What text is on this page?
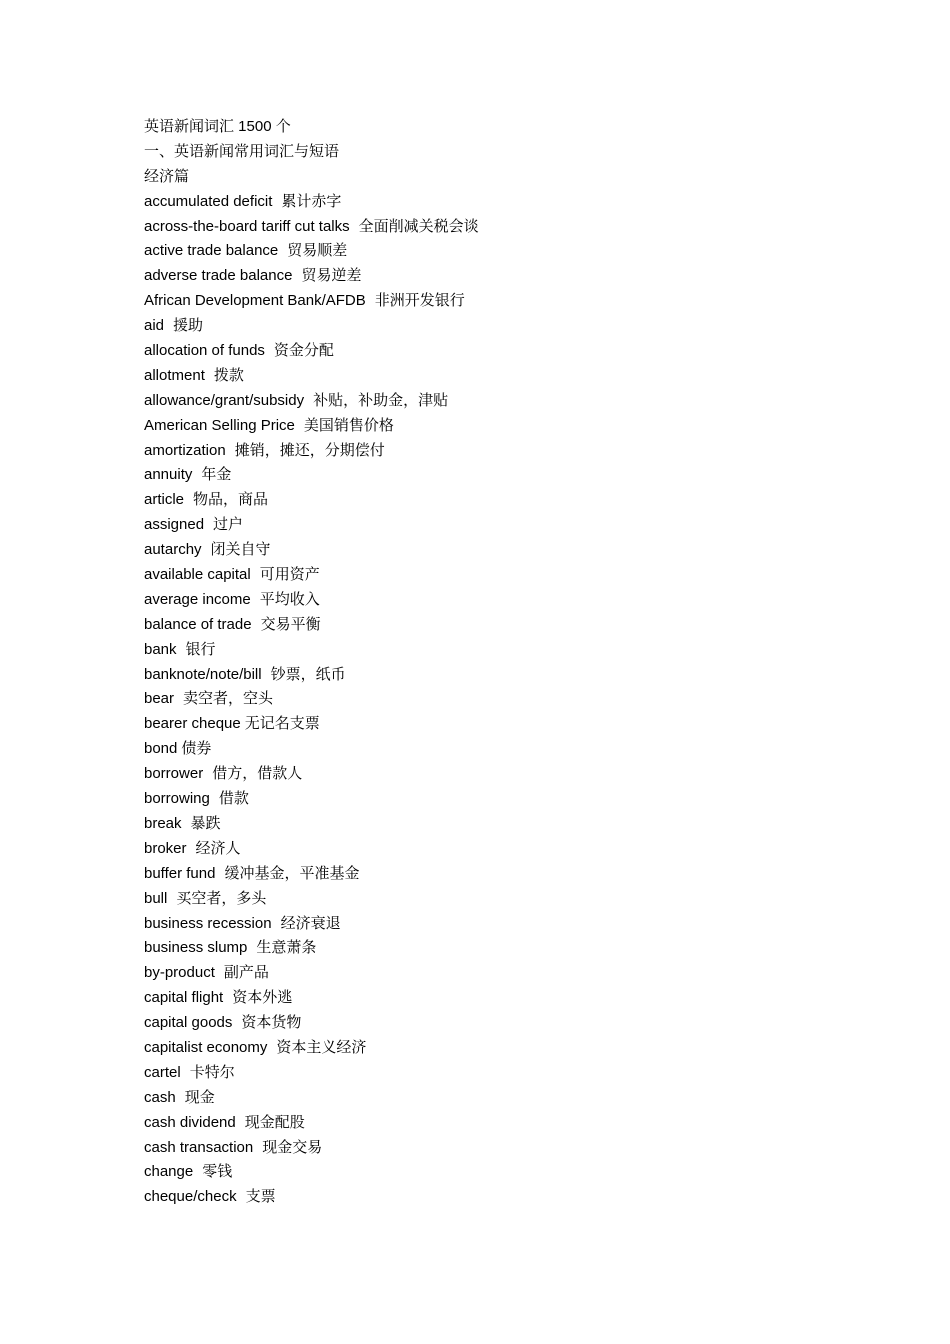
英语新闻词汇 1500 个
一、英语新闻常用词汇与短语
经济篇
accumulated deficit 累计赤字
across-the-board tariff cut talks 全面削减关税会谈
active trade balance 贸易顺差
adverse trade balance 贸易逆差
African Development Bank/AFDB 非洲开发银行
aid 援助
allocation of funds 资金分配
allotment 拨款
allowance/grant/subsidy 补贴，补助金，津贴
American Selling Price 美国销售价格
amortization 摊销，摊还，分期偿付
annuity 年金
article 物品，商品
assigned 过户
autarchy 闭关自守
available capital 可用资产
average income 平均收入
balance of trade 交易平衡
bank 银行
banknote/note/bill 钞票，纸币
bear 卖空者，空头
bearer cheque 无记名支票
bond 债券
borrower 借方，借款人
borrowing 借款
break 暴跌
broker 经济人
buffer fund 缓冲基金，平准基金
bull 买空者，多头
business recession 经济衰退
business slump 生意萧条
by-product 副产品
capital flight 资本外逃
capital goods 资本货物
capitalist economy 资本主义经济
cartel 卡特尔
cash 现金
cash dividend 现金配股
cash transaction 现金交易
change 零钱
cheque/check 支票
